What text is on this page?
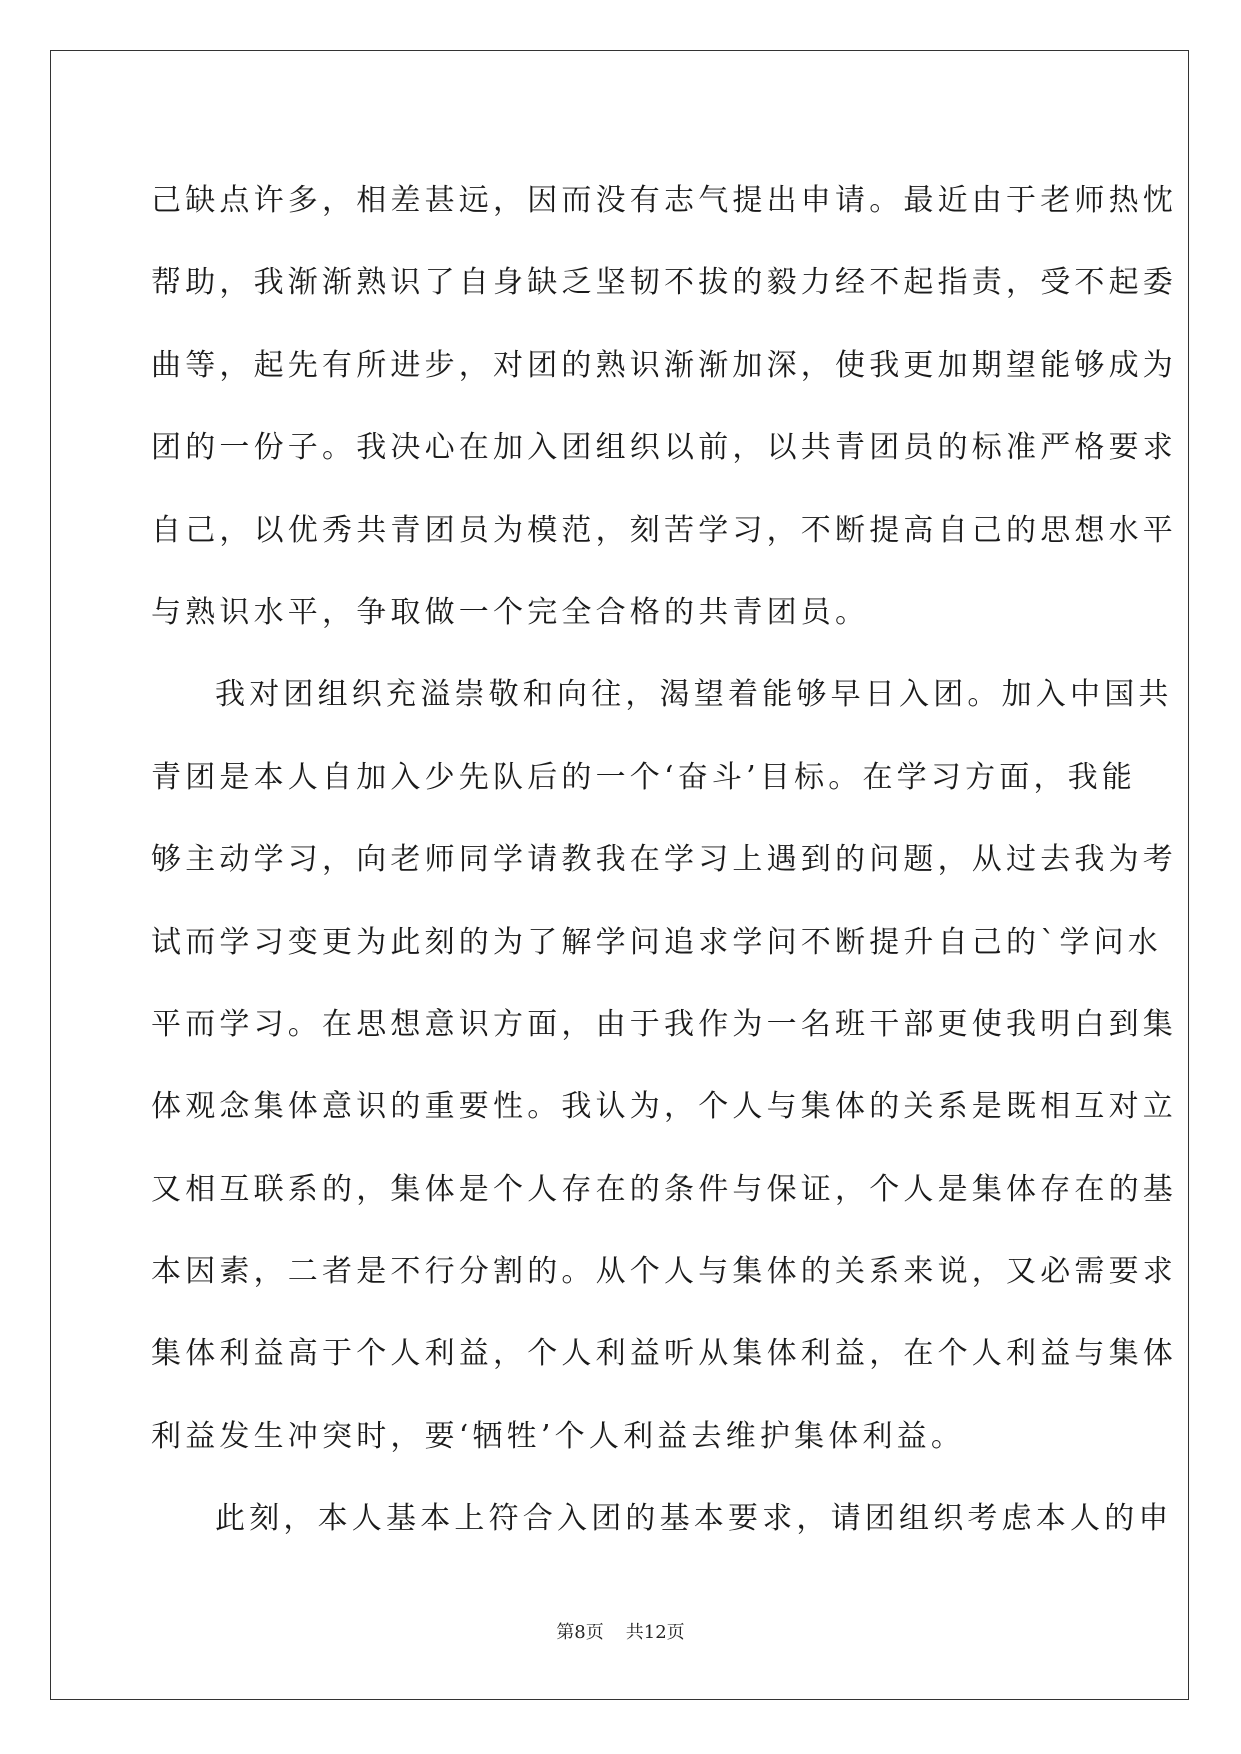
己缺点许多，相差甚远，因而没有志气提出申请。最近由于老师热忱
帮助，我渐渐熟识了自身缺乏坚韧不拔的毅力经不起指责，受不起委
曲等，起先有所进步，对团的熟识渐渐加深，使我更加期望能够成为
团的一份子。我决心在加入团组织以前，以共青团员的标准严格要求
自己，以优秀共青团员为模范，刻苦学习，不断提高自己的思想水平
与熟识水平，争取做一个完全合格的共青团员。
我对团组织充溢崇敬和向往，渴望着能够早日入团。加入中国共
青团是本人自加入少先队后的一个‘奋斗’目标。在学习方面，我能
够主动学习，向老师同学请教我在学习上遇到的问题，从过去我为考
试而学习变更为此刻的为了解学问追求学问不断提升自己的`学问水
平而学习。在思想意识方面，由于我作为一名班干部更使我明白到集
体观念集体意识的重要性。我认为，个人与集体的关系是既相互对立
又相互联系的，集体是个人存在的条件与保证，个人是集体存在的基
本因素，二者是不行分割的。从个人与集体的关系来说，又必需要求
集体利益高于个人利益，个人利益听从集体利益，在个人利益与集体
利益发生冲突时，要‘牺牲’个人利益去维护集体利益。
此刻，本人基本上符合入团的基本要求，请团组织考虑本人的申
第8页 共12页
